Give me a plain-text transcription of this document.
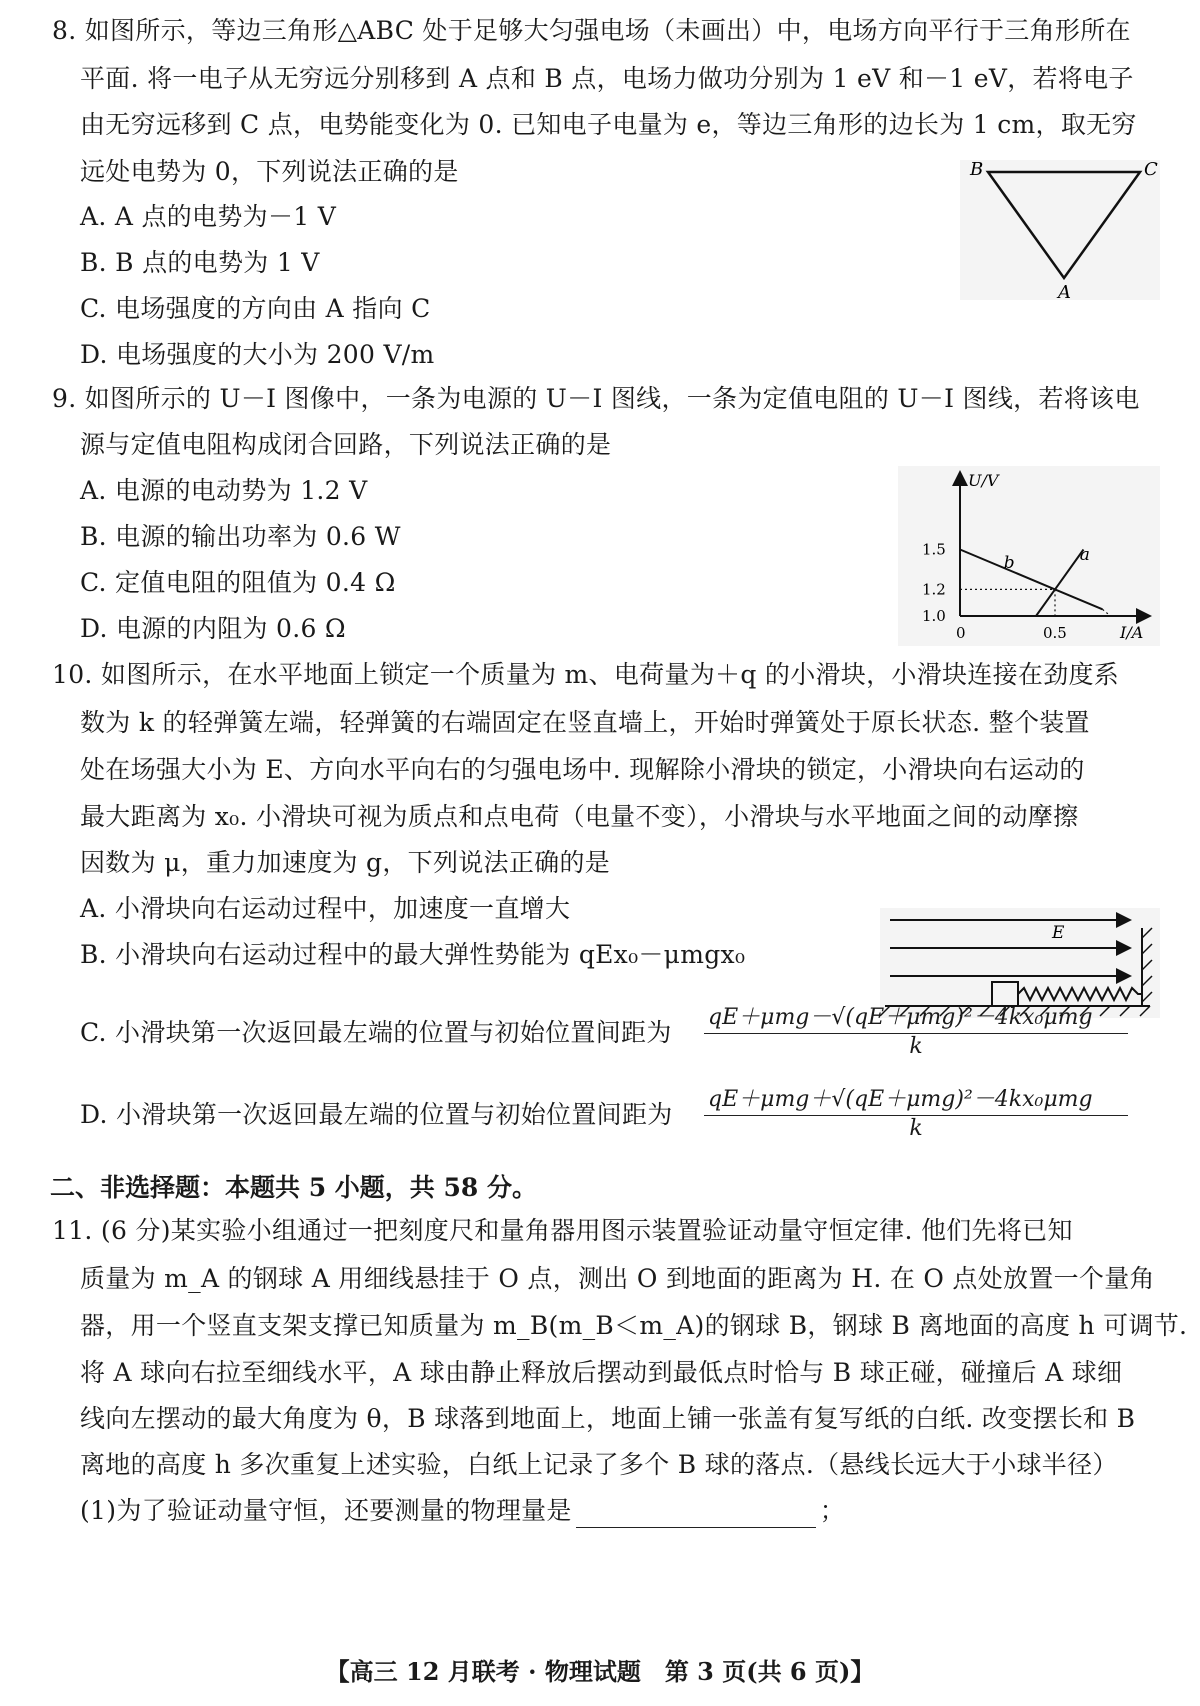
8. 如图所示，等边三角形△ABC 处于足够大匀强电场（未画出）中，电场方向平行于三角形所在
平面. 将一电子从无穷远分别移到 A 点和 B 点，电场力做功分别为 1 eV 和－1 eV，若将电子
由无穷远移到 C 点，电势能变化为 0. 已知电子电量为 e，等边三角形的边长为 1 cm，取无穷
远处电势为 0，下列说法正确的是
A. A 点的电势为－1 V
B. B 点的电势为 1 V
C. 电场强度的方向由 A 指向 C
D. 电场强度的大小为 200 V/m
B	C
A
9. 如图所示的 U－I 图像中，一条为电源的 U－I 图线，一条为定值电阻的 U－I 图线，若将该电
源与定值电阻构成闭合回路，下列说法正确的是
A. 电源的电动势为 1.2 V
B. 电源的输出功率为 0.6 W
C. 定值电阻的阻值为 0.4 Ω
D. 电源的内阻为 0.6 Ω
b	a
1.0
1.2
1.5
0	0.5	I/A
U/V
10. 如图所示，在水平地面上锁定一个质量为 m、电荷量为＋q 的小滑块，小滑块连接在劲度系
数为 k 的轻弹簧左端，轻弹簧的右端固定在竖直墙上，开始时弹簧处于原长状态. 整个装置
处在场强大小为 E、方向水平向右的匀强电场中. 现解除小滑块的锁定，小滑块向右运动的
最大距离为 x₀. 小滑块可视为质点和点电荷（电量不变），小滑块与水平地面之间的动摩擦
因数为 μ，重力加速度为 g，下列说法正确的是
A. 小滑块向右运动过程中，加速度一直增大
B. 小滑块向右运动过程中的最大弹性势能为 qEx₀－μmgx₀
E
C. 小滑块第一次返回最左端的位置与初始位置间距为
qE＋μmg－√(qE＋μmg)²－4kx₀μmg
k
D. 小滑块第一次返回最左端的位置与初始位置间距为
qE＋μmg＋√(qE＋μmg)²－4kx₀μmg
k
二、非选择题：本题共 5 小题，共 58 分。
11. (6 分)某实验小组通过一把刻度尺和量角器用图示装置验证动量守恒定律. 他们先将已知
质量为 m_A 的钢球 A 用细线悬挂于 O 点，测出 O 到地面的距离为 H. 在 O 点处放置一个量角
器，用一个竖直支架支撑已知质量为 m_B(m_B＜m_A)的钢球 B，钢球 B 离地面的高度 h 可调节.
将 A 球向右拉至细线水平，A 球由静止释放后摆动到最低点时恰与 B 球正碰，碰撞后 A 球细
线向左摆动的最大角度为 θ，B 球落到地面上，地面上铺一张盖有复写纸的白纸. 改变摆长和 B
离地的高度 h 多次重复上述实验，白纸上记录了多个 B 球的落点.（悬线长远大于小球半径）
(1)为了验证动量守恒，还要测量的物理量是	；
【高三 12 月联考 · 物理试题　第 3 页(共 6 页)】
